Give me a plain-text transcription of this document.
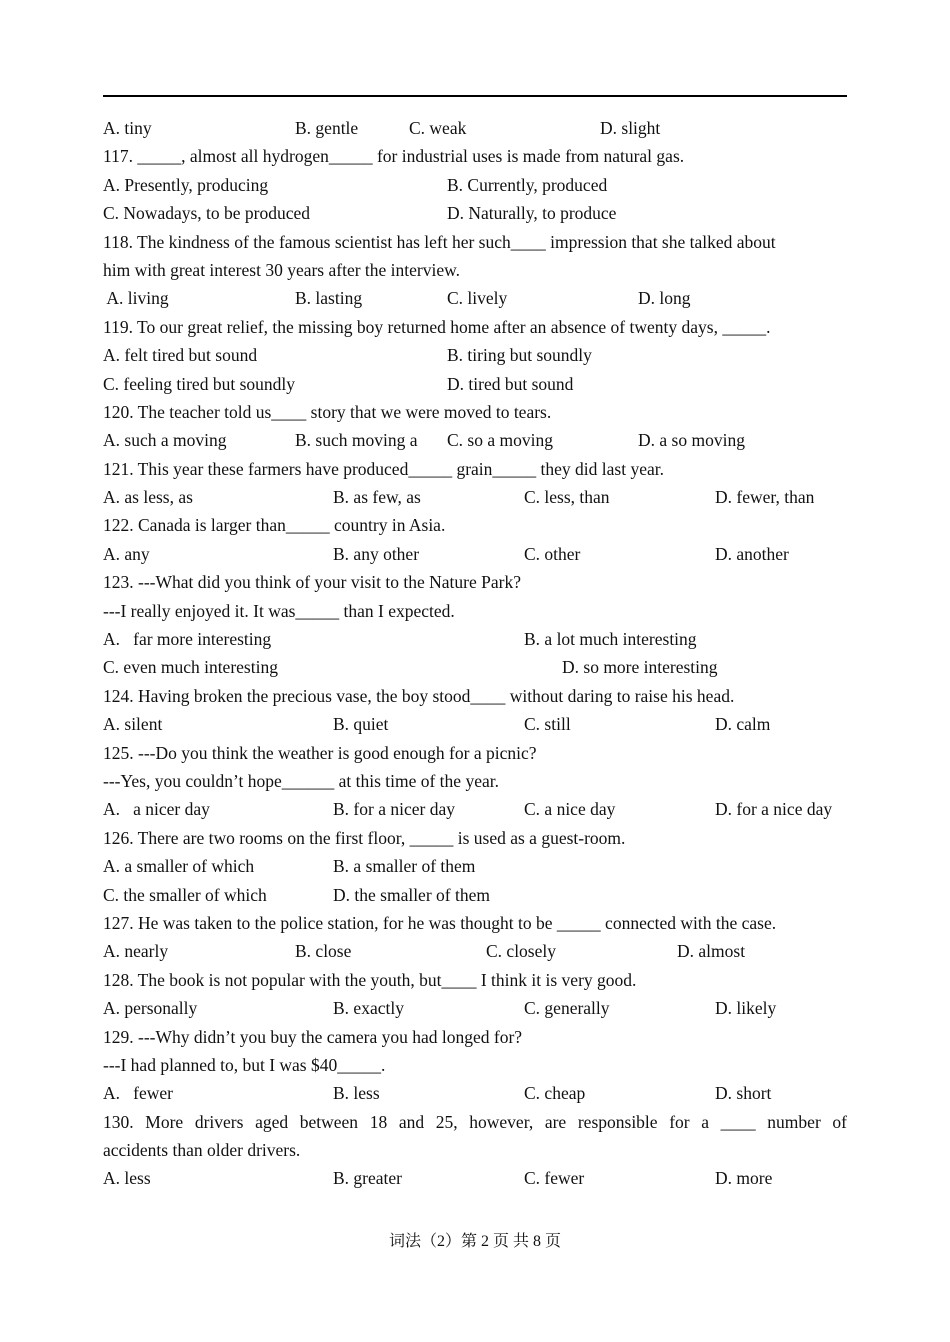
A. tiny	B. gentle	C. weak	D. slight
117. _____, almost all hydrogen_____ for industrial uses is made from natural gas.
A. Presently, producing	B. Currently, produced
C. Nowadays, to be produced	D. Naturally, to produce
118. The kindness of the famous scientist has left her such____ impression that she talked about
him with great interest 30 years after the interview.
A. living	B. lasting	C. lively	D. long
119. To our great relief, the missing boy returned home after an absence of twenty days, _____.
A. felt tired but sound	B. tiring but soundly
C. feeling tired but soundly	D. tired but sound
120. The teacher told us____ story that we were moved to tears.
A. such a moving	B. such moving a C. so a moving	D. a so moving
121. This year these farmers have produced_____ grain_____ they did last year.
A. as less, as	B. as few, as	C. less, than	D. fewer, than
122. Canada is larger than_____ country in Asia.
A. any	B. any other	C. other	D. another
123. ---What did you think of your visit to the Nature Park?
---I really enjoyed it. It was_____ than I expected.
A.   far more interesting	B. a lot much interesting
C. even much interesting	D. so more interesting
124. Having broken the precious vase, the boy stood____ without daring to raise his head.
A. silent	B. quiet	C. still	D. calm
125. ---Do you think the weather is good enough for a picnic?
---Yes, you couldn’t hope______ at this time of the year.
A.   a nicer day	B. for a nicer day	C. a nice day	D. for a nice day
126. There are two rooms on the first floor, _____ is used as a guest-room.
A. a smaller of which	B. a smaller of them
C. the smaller of which	D. the smaller of them
127. He was taken to the police station, for he was thought to be _____ connected with the case.
A. nearly	B. close	C. closely	D. almost
128. The book is not popular with the youth, but____ I think it is very good.
A. personally	B. exactly	C. generally	D. likely
129. ---Why didn’t you buy the camera you had longed for?
---I had planned to, but I was $40_____.
A.   fewer	B. less	C. cheap	D. short
130. More drivers aged between 18 and 25, however, are responsible for a ____ number of
accidents than older drivers.
A. less	B. greater	C. fewer	D. more
词法（2）第 2 页 共 8 页
